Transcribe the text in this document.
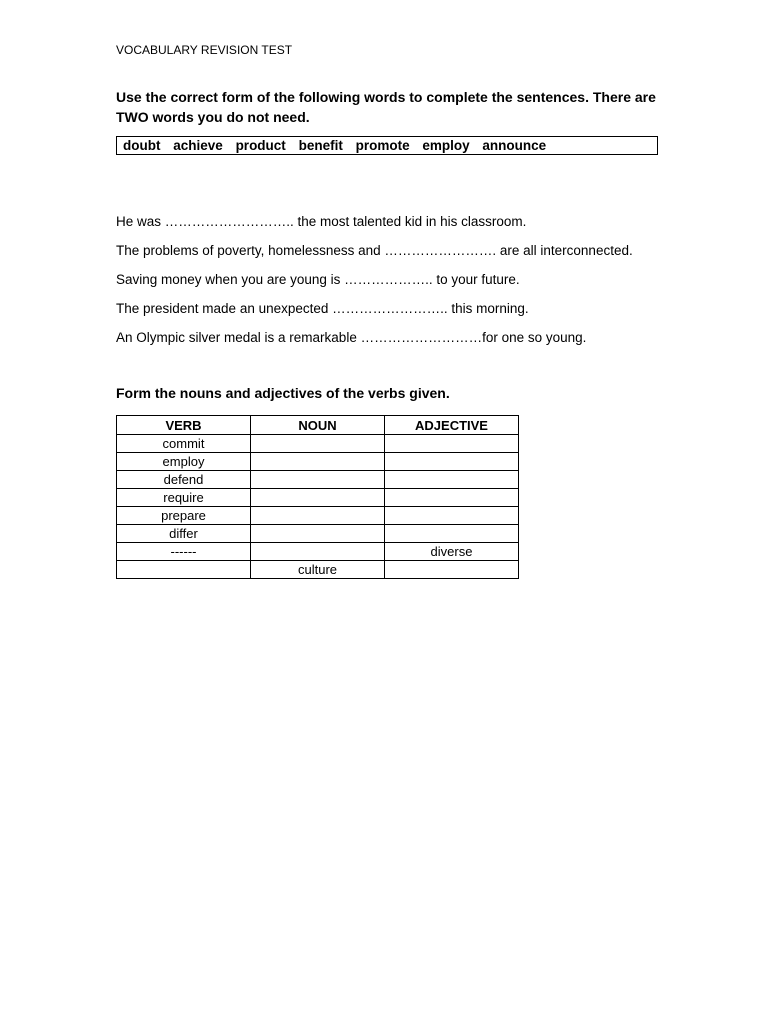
VOCABULARY REVISION TEST
Use the correct form of the following words to complete the sentences. There are TWO words you do not need.
doubt achieve product benefit promote employ announce
He was ……………………….. the most talented kid in his classroom.
The problems of poverty, homelessness and ……………………. are all interconnected.
Saving money when you are young is ……………….. to your future.
The president made an unexpected …………………….. this morning.
An Olympic silver medal is a remarkable ………………………for one so young.
Form the nouns and adjectives of the verbs given.
VERB	NOUN	ADJECTIVE
commit		
employ		
defend		
require		
prepare		
differ		
------		diverse
	culture	
